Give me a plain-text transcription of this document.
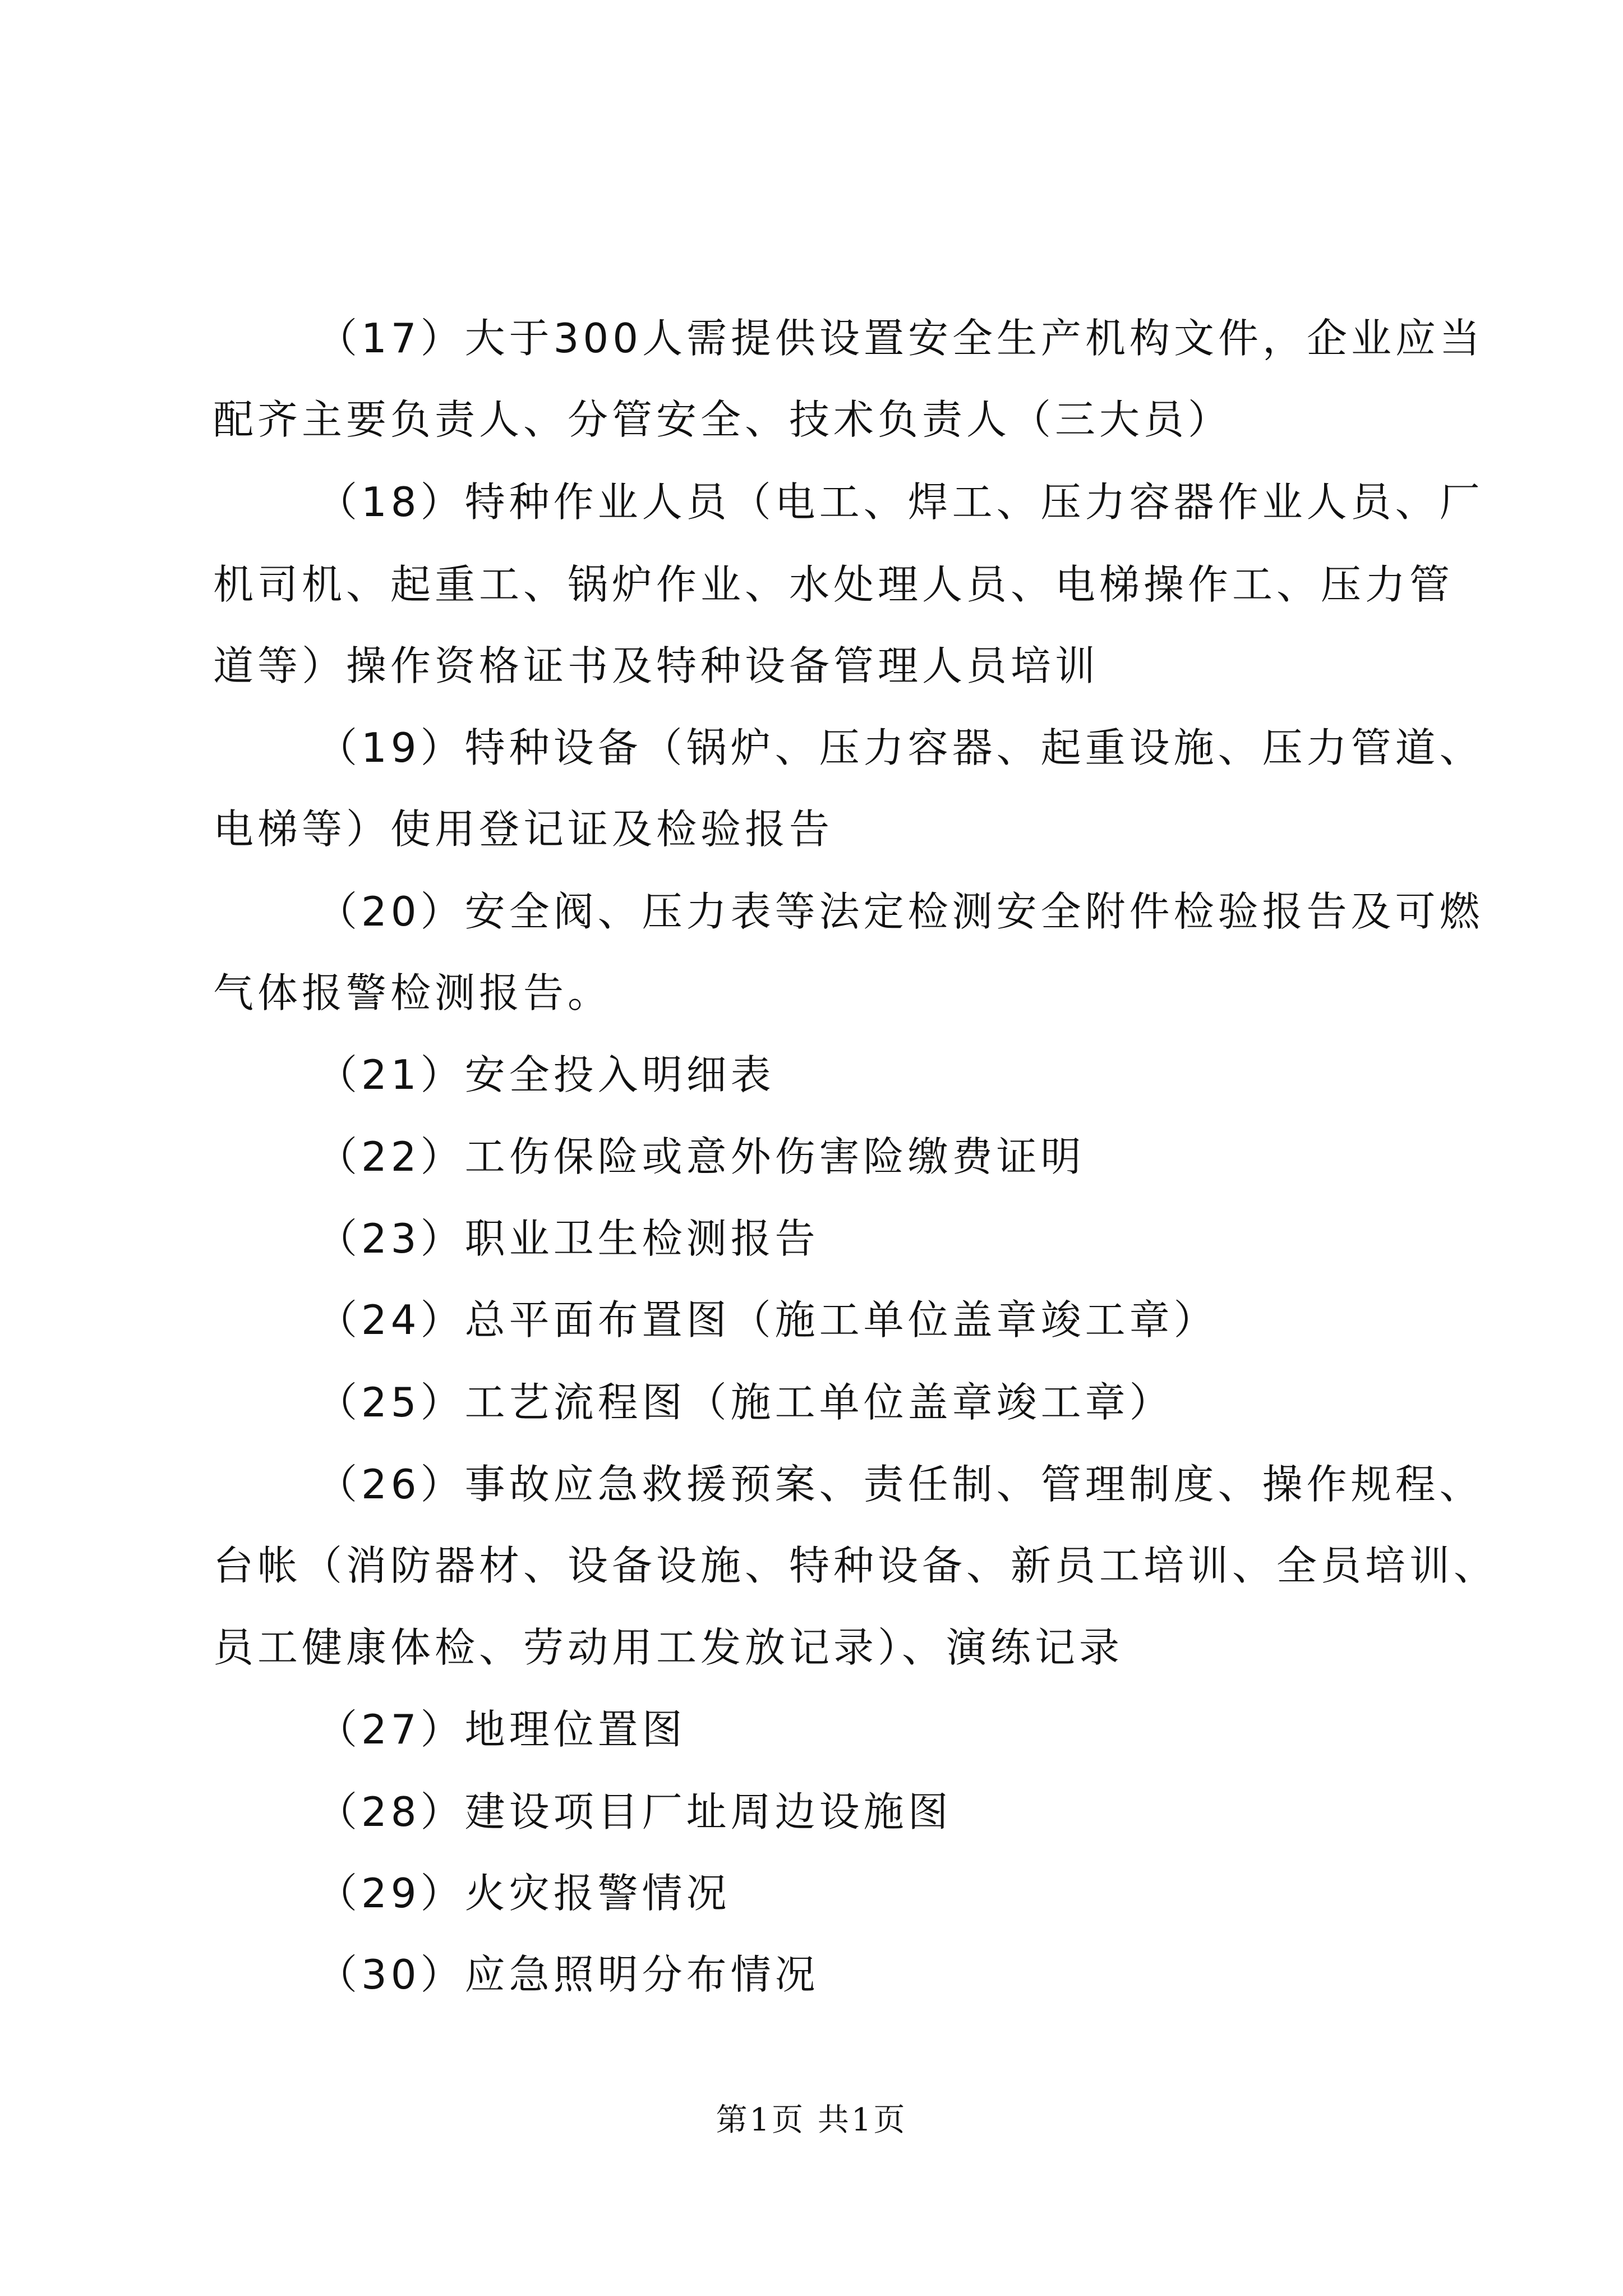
（17）大于300人需提供设置安全生产机构文件，企业应当
配齐主要负责人、分管安全、技术负责人（三大员）
（18）特种作业人员（电工、焊工、压力容器作业人员、厂
机司机、起重工、锅炉作业、水处理人员、电梯操作工、压力管
道等）操作资格证书及特种设备管理人员培训
（19）特种设备（锅炉、压力容器、起重设施、压力管道、
电梯等）使用登记证及检验报告
（20）安全阀、压力表等法定检测安全附件检验报告及可燃
气体报警检测报告。
（21）安全投入明细表
（22）工伤保险或意外伤害险缴费证明
（23）职业卫生检测报告
（24）总平面布置图（施工单位盖章竣工章）
（25）工艺流程图（施工单位盖章竣工章）
（26）事故应急救援预案、责任制、管理制度、操作规程、
台帐（消防器材、设备设施、特种设备、新员工培训、全员培训、
员工健康体检、劳动用工发放记录）、演练记录
（27）地理位置图
（28）建设项目厂址周边设施图
（29）火灾报警情况
（30）应急照明分布情况
第1页 共1页
